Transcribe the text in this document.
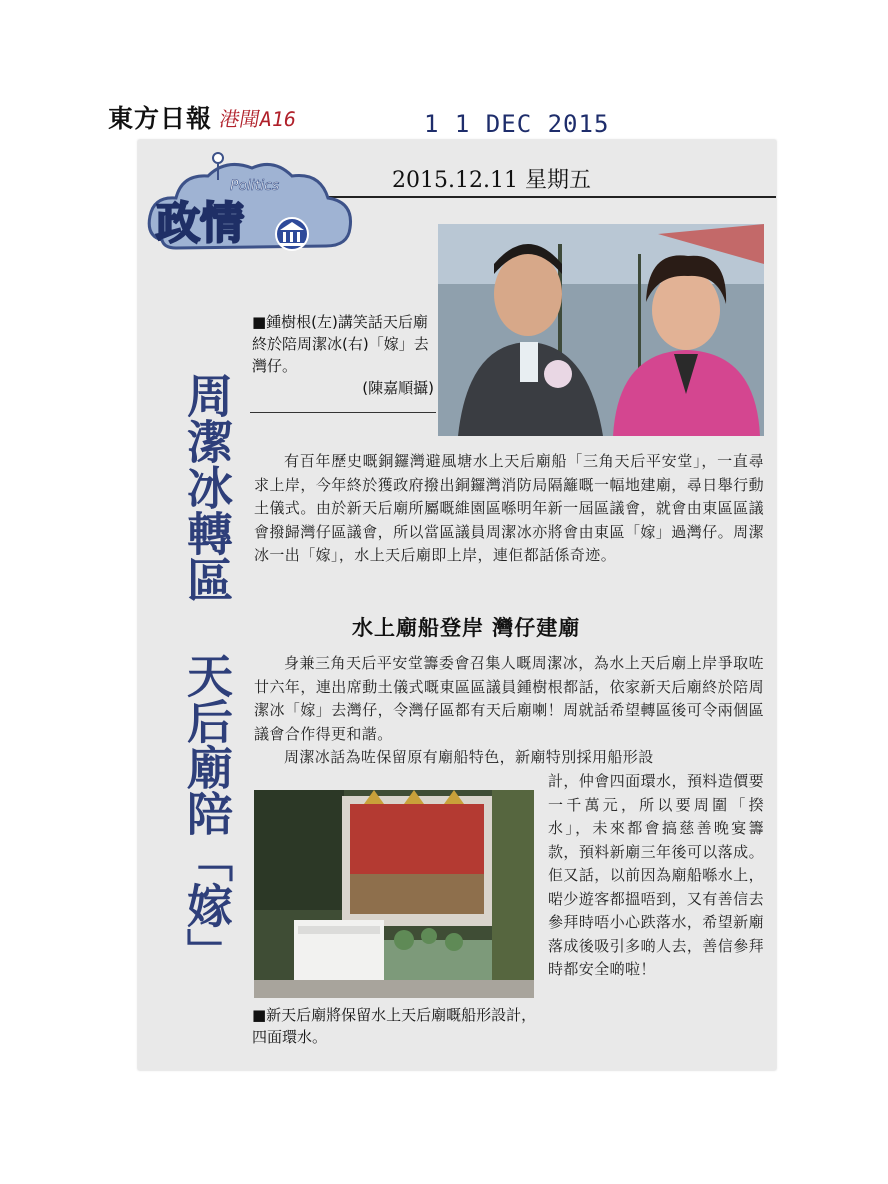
東方日報 港聞A16	1 1 DEC 2015
2015.12.11 星期五
Politics
政情
周潔冰轉區
天后廟陪「嫁」
■鍾樹根(左)講笑話天后廟終於陪周潔冰(右)「嫁」去灣仔。
(陳嘉順攝)
有百年歷史嘅銅鑼灣避風塘水上天后廟船「三角天后平安堂」，一直尋求上岸，今年終於獲政府撥出銅鑼灣消防局隔籬嘅一幅地建廟，尋日舉行動土儀式。由於新天后廟所屬嘅維園區喺明年新一屆區議會，就會由東區區議會撥歸灣仔區議會，所以當區議員周潔冰亦將會由東區「嫁」過灣仔。周潔冰一出「嫁」，水上天后廟即上岸，連佢都話係奇迹。
水上廟船登岸 灣仔建廟
身兼三角天后平安堂籌委會召集人嘅周潔冰，為水上天后廟上岸爭取咗廿六年，連出席動土儀式嘅東區區議員鍾樹根都話，依家新天后廟終於陪周潔冰「嫁」去灣仔，令灣仔區都有天后廟喇！周就話希望轉區後可令兩個區議會合作得更和諧。
周潔冰話為咗保留原有廟船特色，新廟特別採用船形設
計，仲會四面環水，預料造價要一千萬元，所以要周圍「揆水」，未來都會搞慈善晚宴籌款，預料新廟三年後可以落成。佢又話，以前因為廟船喺水上，啱少遊客都搵唔到，又有善信去參拜時唔小心跌落水，希望新廟落成後吸引多啲人去，善信參拜時都安全啲啦！
■新天后廟將保留水上天后廟嘅船形設計，四面環水。
